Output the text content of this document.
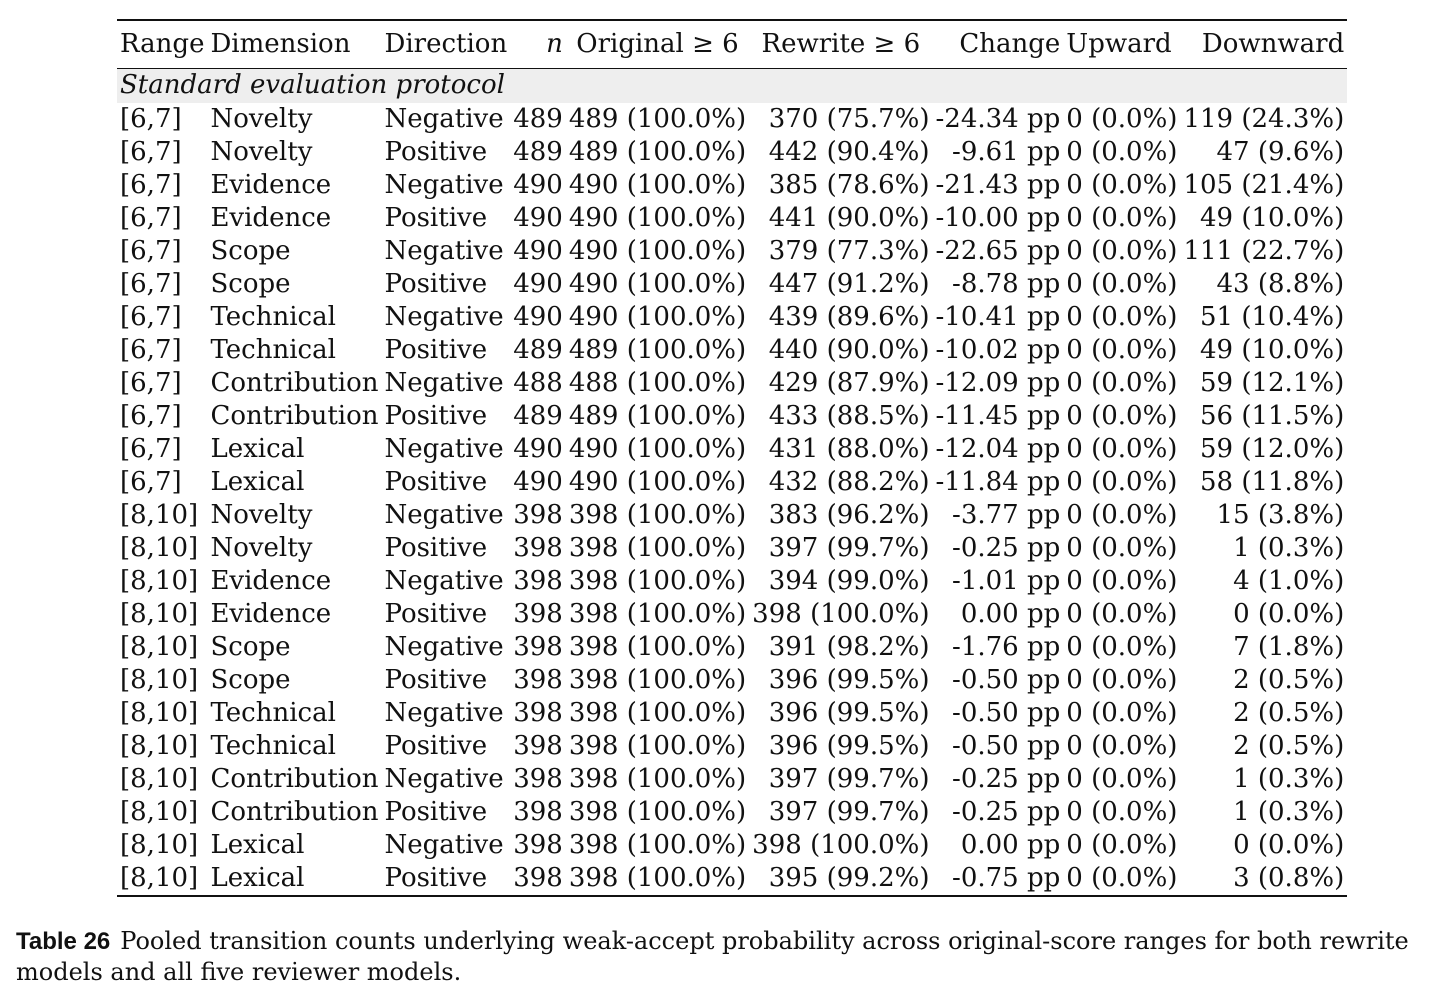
Range	Dimension	Direction	n	Original ≥ 6	Rewrite ≥ 6	Change	Upward	Downward
Standard evaluation protocol								
[6,7]	Novelty	Negative	489	489 (100.0%)	370 (75.7%)	-24.34 pp	0 (0.0%)	119 (24.3%)
[6,7]	Novelty	Positive	489	489 (100.0%)	442 (90.4%)	-9.61 pp	0 (0.0%)	47 (9.6%)
[6,7]	Evidence	Negative	490	490 (100.0%)	385 (78.6%)	-21.43 pp	0 (0.0%)	105 (21.4%)
[6,7]	Evidence	Positive	490	490 (100.0%)	441 (90.0%)	-10.00 pp	0 (0.0%)	49 (10.0%)
[6,7]	Scope	Negative	490	490 (100.0%)	379 (77.3%)	-22.65 pp	0 (0.0%)	111 (22.7%)
[6,7]	Scope	Positive	490	490 (100.0%)	447 (91.2%)	-8.78 pp	0 (0.0%)	43 (8.8%)
[6,7]	Technical	Negative	490	490 (100.0%)	439 (89.6%)	-10.41 pp	0 (0.0%)	51 (10.4%)
[6,7]	Technical	Positive	489	489 (100.0%)	440 (90.0%)	-10.02 pp	0 (0.0%)	49 (10.0%)
[6,7]	Contribution	Negative	488	488 (100.0%)	429 (87.9%)	-12.09 pp	0 (0.0%)	59 (12.1%)
[6,7]	Contribution	Positive	489	489 (100.0%)	433 (88.5%)	-11.45 pp	0 (0.0%)	56 (11.5%)
[6,7]	Lexical	Negative	490	490 (100.0%)	431 (88.0%)	-12.04 pp	0 (0.0%)	59 (12.0%)
[6,7]	Lexical	Positive	490	490 (100.0%)	432 (88.2%)	-11.84 pp	0 (0.0%)	58 (11.8%)
[8,10]	Novelty	Negative	398	398 (100.0%)	383 (96.2%)	-3.77 pp	0 (0.0%)	15 (3.8%)
[8,10]	Novelty	Positive	398	398 (100.0%)	397 (99.7%)	-0.25 pp	0 (0.0%)	1 (0.3%)
[8,10]	Evidence	Negative	398	398 (100.0%)	394 (99.0%)	-1.01 pp	0 (0.0%)	4 (1.0%)
[8,10]	Evidence	Positive	398	398 (100.0%)	398 (100.0%)	0.00 pp	0 (0.0%)	0 (0.0%)
[8,10]	Scope	Negative	398	398 (100.0%)	391 (98.2%)	-1.76 pp	0 (0.0%)	7 (1.8%)
[8,10]	Scope	Positive	398	398 (100.0%)	396 (99.5%)	-0.50 pp	0 (0.0%)	2 (0.5%)
[8,10]	Technical	Negative	398	398 (100.0%)	396 (99.5%)	-0.50 pp	0 (0.0%)	2 (0.5%)
[8,10]	Technical	Positive	398	398 (100.0%)	396 (99.5%)	-0.50 pp	0 (0.0%)	2 (0.5%)
[8,10]	Contribution	Negative	398	398 (100.0%)	397 (99.7%)	-0.25 pp	0 (0.0%)	1 (0.3%)
[8,10]	Contribution	Positive	398	398 (100.0%)	397 (99.7%)	-0.25 pp	0 (0.0%)	1 (0.3%)
[8,10]	Lexical	Negative	398	398 (100.0%)	398 (100.0%)	0.00 pp	0 (0.0%)	0 (0.0%)
[8,10]	Lexical	Positive	398	398 (100.0%)	395 (99.2%)	-0.75 pp	0 (0.0%)	3 (0.8%)
Table 26 Pooled transition counts underlying weak-accept probability across original-score ranges for both rewrite models and all five reviewer models.
